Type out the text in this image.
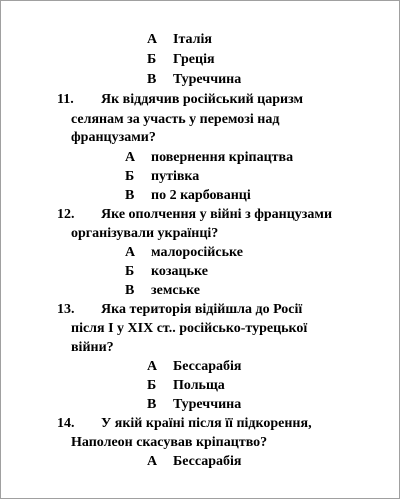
А Італія
Б Греція
В Туреччина
11. Як віддячив російський царизм
селянам за участь у перемозі над
французами?
А повернення кріпацтва
Б путівка
В по 2 карбованці
12. Яке ополчення у війні з французами
організували українці?
А малоросійське
Б козацьке
В земське
13. Яка територія відійшла до Росії
після І у XIX ст.. російсько-турецької
війни?
А Бессарабія
Б Польща
В Туреччина
14. У якій країні після її підкорення,
Наполеон скасував кріпацтво?
А Бессарабія
